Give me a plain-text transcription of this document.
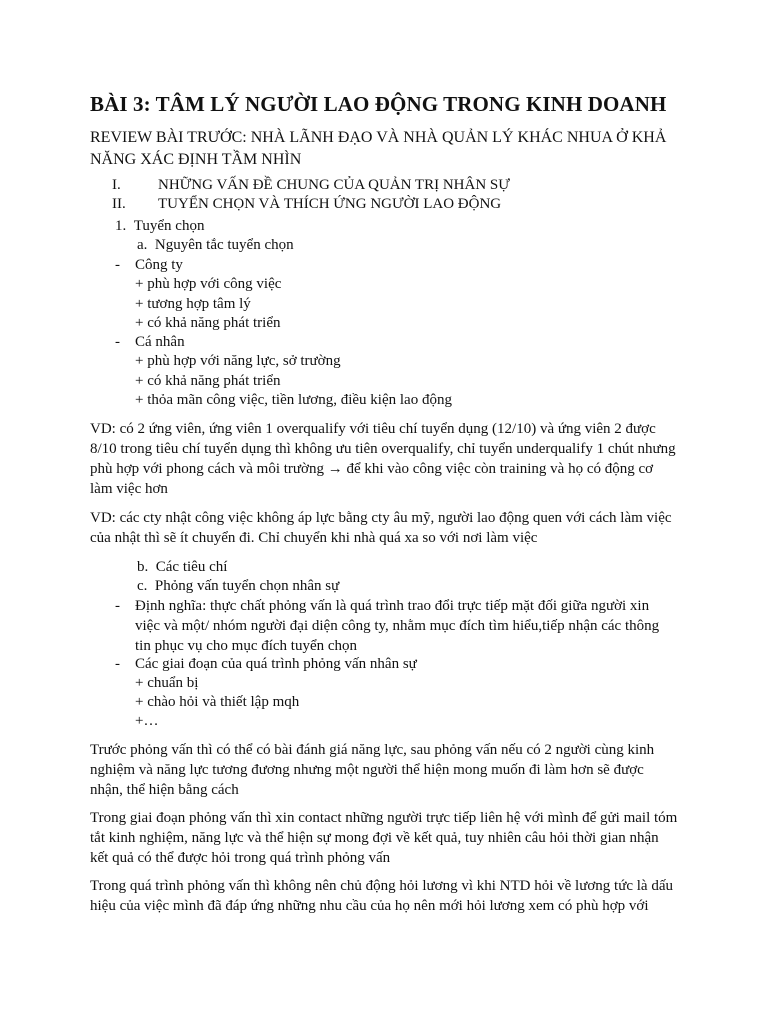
BÀI 3: TÂM LÝ NGƯỜI LAO ĐỘNG TRONG KINH DOANH

REVIEW BÀI TRƯỚC: NHÀ LÃNH ĐẠO VÀ NHÀ QUẢN LÝ KHÁC NHUA Ở KHẢ NĂNG XÁC ĐỊNH TẦM NHÌN

I. NHỮNG VẤN ĐỀ CHUNG CỦA QUẢN TRỊ NHÂN SỰ
II. TUYỂN CHỌN VÀ THÍCH ỨNG NGƯỜI LAO ĐỘNG
1.  Tuyển chọn
a.  Nguyên tắc tuyển chọn
- Công ty
+ phù hợp với công việc
+ tương hợp tâm lý
+ có khả năng phát triển
- Cá nhân
+ phù hợp với năng lực, sở trường
+ có khả năng phát triển
+ thỏa mãn công việc, tiền lương, điều kiện lao động

VD: có 2 ứng viên, ứng viên 1 overqualify với tiêu chí tuyển dụng (12/10) và ứng viên 2 được 8/10 trong tiêu chí tuyển dụng thì không ưu tiên overqualify, chỉ tuyển underqualify 1 chút nhưng phù hợp với phong cách và môi trường → để khi vào công việc còn training và họ có động cơ làm việc hơn

VD: các cty nhật công việc không áp lực bằng cty âu mỹ, người lao động quen với cách làm việc của nhật thì sẽ ít chuyển đi. Chỉ chuyển khi nhà quá xa so với nơi làm việc

b.  Các tiêu chí
c.  Phỏng vấn tuyển chọn nhân sự
- Định nghĩa: thực chất phỏng vấn là quá trình trao đổi trực tiếp mặt đối giữa người xin việc và một/ nhóm người đại diện công ty, nhằm mục đích tìm hiểu,tiếp nhận các thông tin phục vụ cho mục đích tuyển chọn

- Các giai đoạn của quá trình phỏng vấn nhân sự
+ chuẩn bị
+ chào hỏi và thiết lập mqh
+…

Trước phỏng vấn thì có thể có bài đánh giá năng lực, sau phỏng vấn nếu có 2 người cùng kinh nghiệm và năng lực tương đương nhưng một người thể hiện mong muốn đi làm hơn sẽ được nhận, thể hiện bằng cách

Trong giai đoạn phỏng vấn thì xin contact những người trực tiếp liên hệ với mình để gửi mail tóm tắt kinh nghiệm, năng lực và thể hiện sự mong đợi về kết quả, tuy nhiên câu hỏi thời gian nhận kết quả có thể được hỏi trong quá trình phỏng vấn

Trong quá trình phỏng vấn thì không nên chủ động hỏi lương vì khi NTD hỏi về lương tức là dấu hiệu của việc mình đã đáp ứng những nhu cầu của họ nên mới hỏi lương xem có phù hợp với
